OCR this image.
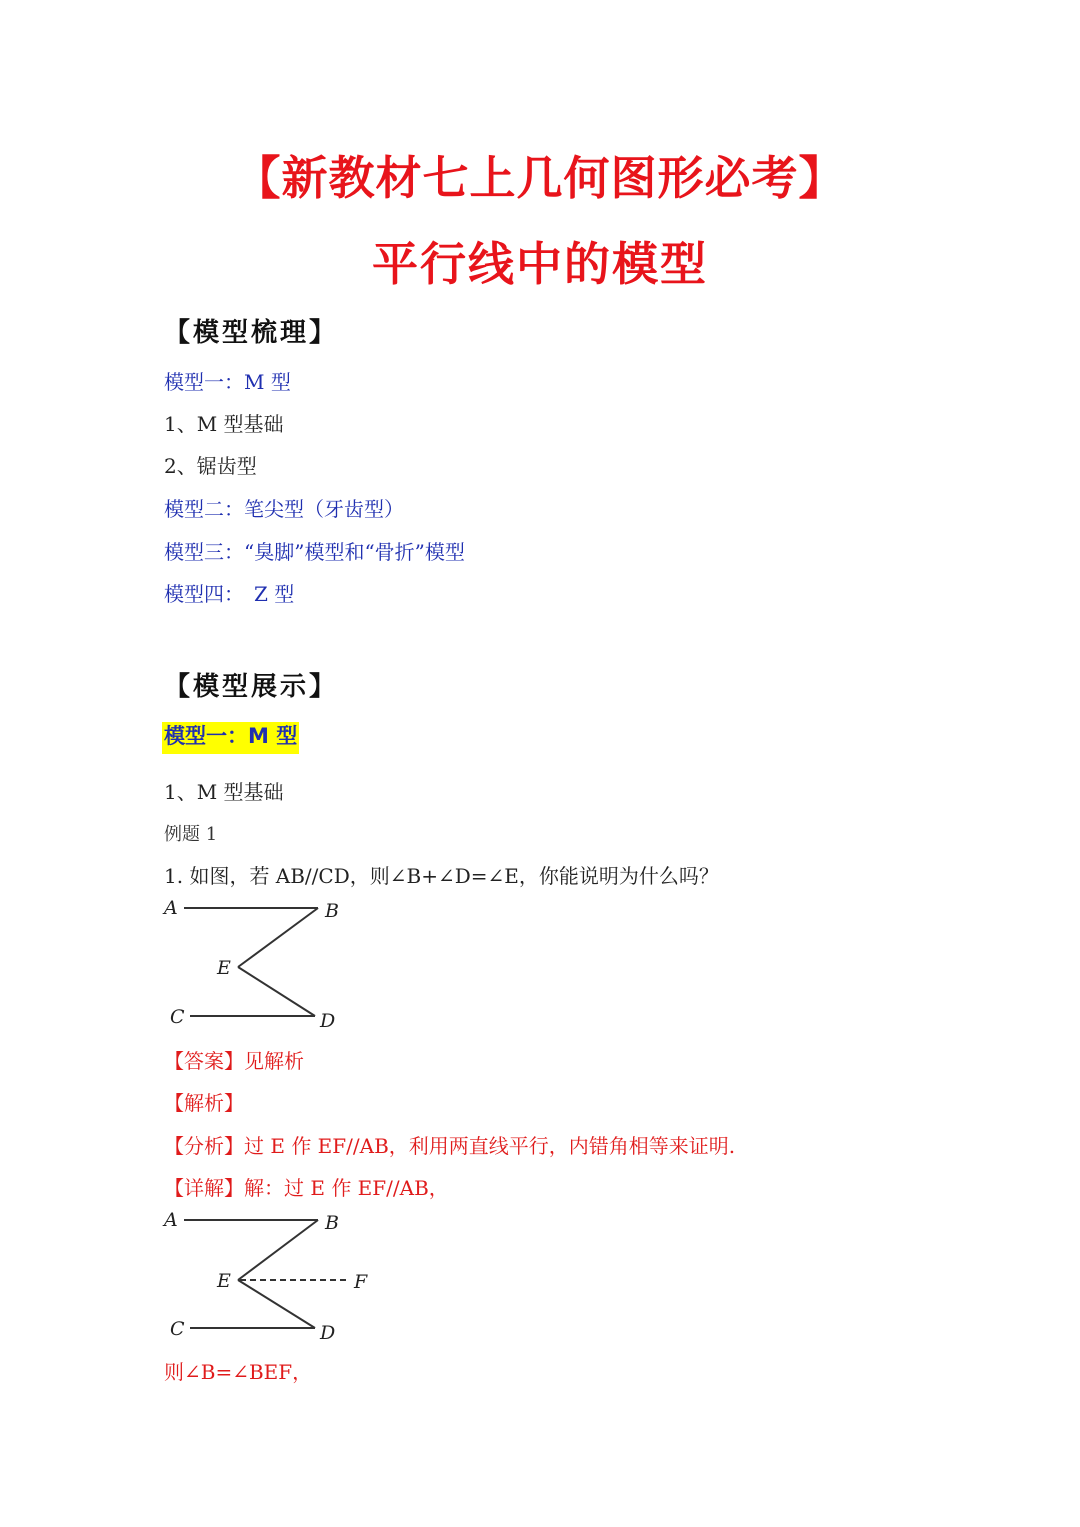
【新教材七上几何图形必考】
平行线中的模型
【模型梳理】
模型一：M 型
1、M 型基础
2、锯齿型
模型二：笔尖型（牙齿型）
模型三：“臭脚”模型和“骨折”模型
模型四：　Z 型
【模型展示】
模型一：M 型
1、M 型基础
例题 1
1. 如图，若 AB//CD，则∠B+∠D=∠E，你能说明为什么吗？
A	B
E
C	D
【答案】见解析
【解析】
【分析】过 E 作 EF//AB，利用两直线平行，内错角相等来证明.
【详解】解：过 E 作 EF//AB，
A	B
E	F
C	D
则∠B=∠BEF，
